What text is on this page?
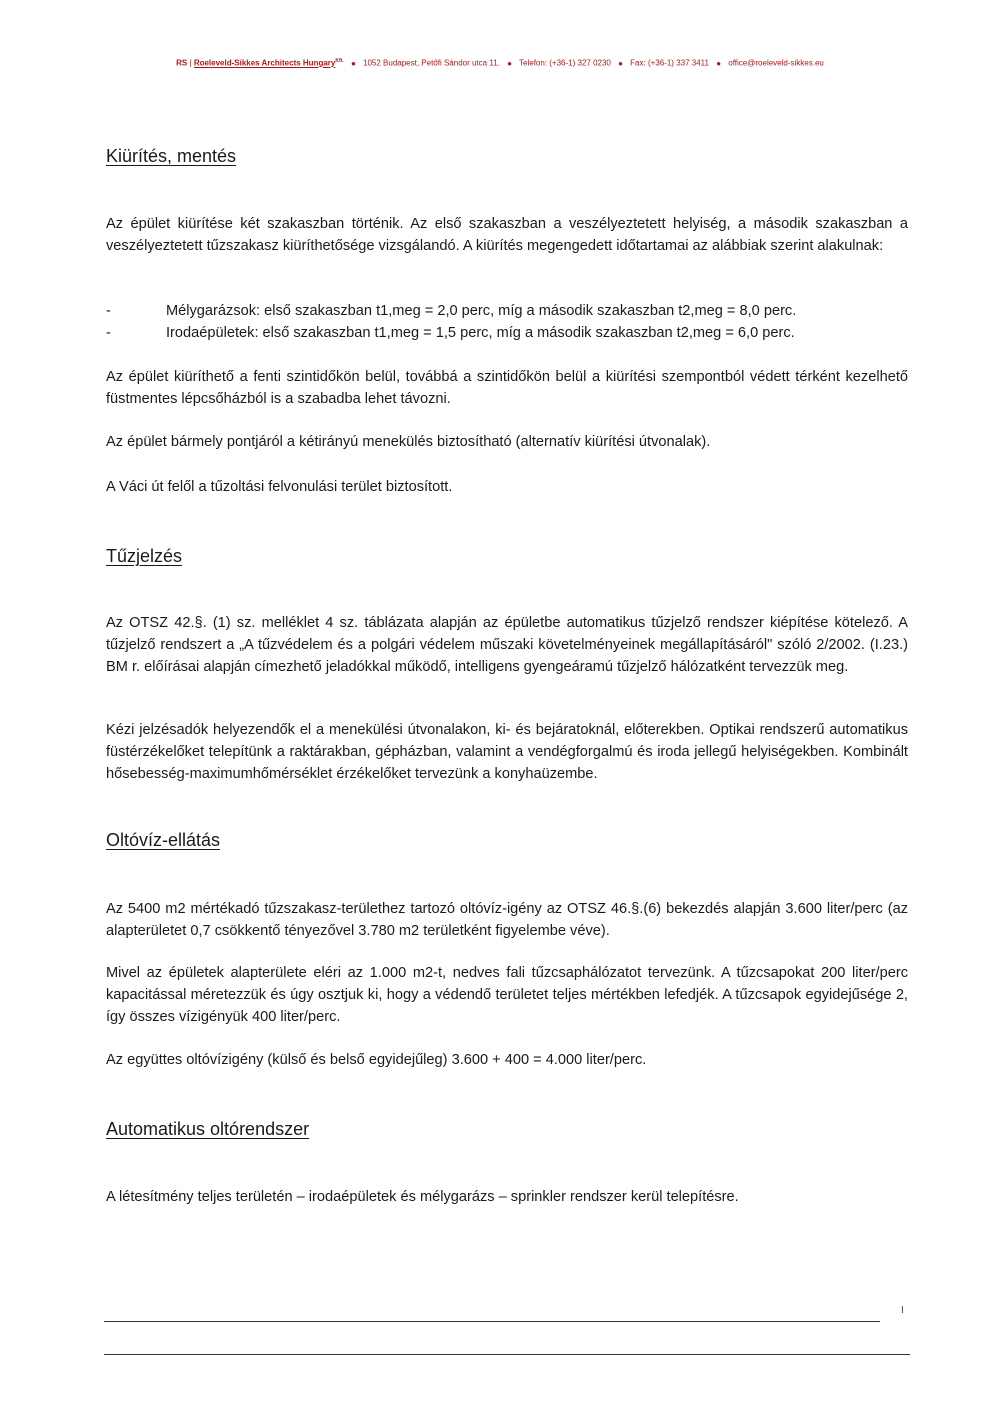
RS | Roeleveld-Sikkes Architects Hungary$^{Kft.}$ ● 1052 Budapest, Petőfi Sándor utca 11. ● Telefon: (+36-1) 327 0230 ● Fax: (+36-1) 337 3411 ● office@roeleveld-sikkes.eu
Kiürítés, mentés

Az épület kiürítése két szakaszban történik. Az első szakaszban a veszélyeztetett helyiség, a második szakaszban a veszélyeztetett tűzszakasz kiüríthetősége vizsgálandó. A kiürítés megengedett időtartamai az alábbiak szerint alakulnak:

-	Mélygarázsok: első szakaszban t1,meg = 2,0 perc, míg a második szakaszban t2,meg = 8,0 perc.
-	Irodaépületek: első szakaszban t1,meg = 1,5 perc, míg a második szakaszban t2,meg = 6,0 perc.

Az épület kiüríthető a fenti szintidőkön belül, továbbá a szintidőkön belül a kiürítési szempontból védett térként kezelhető füstmentes lépcsőházból is a szabadba lehet távozni.

Az épület bármely pontjáról a kétirányú menekülés biztosítható (alternatív kiürítési útvonalak).

A Váci út felől a tűzoltási felvonulási terület biztosított.

Tűzjelzés

Az OTSZ 42.§. (1) sz. melléklet 4 sz. táblázata alapján az épületbe automatikus tűzjelző rendszer kiépítése kötelező. A tűzjelző rendszert a „A tűzvédelem és a polgári védelem műszaki követelményeinek megállapításáról" szóló 2/2002. (I.23.) BM r. előírásai alapján címezhető jeladókkal működő, intelligens gyengeáramú tűzjelző hálózatként tervezzük meg.

Kézi jelzésadók helyezendők el a menekülési útvonalakon, ki- és bejáratoknál, előterekben. Optikai rendszerű automatikus füstérzékelőket telepítünk a raktárakban, gépházban, valamint a vendégforgalmú és iroda jellegű helyiségekben. Kombinált hősebesség-maximumhőmérséklet érzékelőket tervezünk a konyhaüzembe.

Oltóvíz-ellátás

Az 5400 m2 mértékadó tűzszakasz-területhez tartozó oltóvíz-igény az OTSZ 46.§.(6) bekezdés alapján 3.600 liter/perc (az alapterületet 0,7 csökkentő tényezővel 3.780 m2 területként figyelembe véve).

Mivel az épületek alapterülete eléri az 1.000 m2-t, nedves fali tűzcsaphálózatot tervezünk. A tűzcsapokat 200 liter/perc kapacitással méretezzük és úgy osztjuk ki, hogy a védendő területet teljes mértékben lefedjék. A tűzcsapok egyidejűsége 2, így összes vízigényük 400 liter/perc.

Az együttes oltóvízigény (külső és belső egyidejűleg) 3.600 + 400 = 4.000 liter/perc.

Automatikus oltórendszer

A létesítmény teljes területén – irodaépületek és mélygarázs – sprinkler rendszer kerül telepítésre.

I
